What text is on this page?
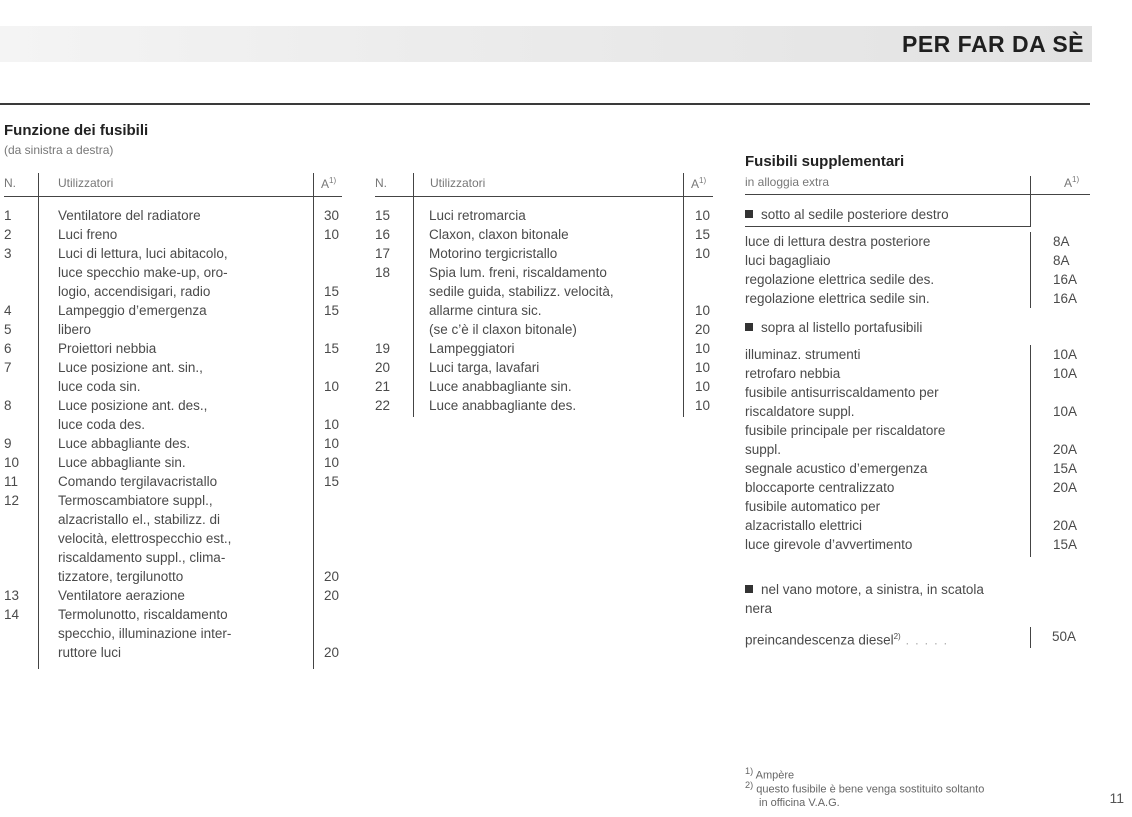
PER FAR DA SÈ
Funzione dei fusibili
(da sinistra a destra)
N.	Utilizzatori	$A^{1)}$
1	Ventilatore del radiatore	30
2	Luci freno	10
3	Luci di lettura, luci abitacolo,
luce specchio make-up, oro-
logio, accendisigari, radio	15
4	Lampeggio d’emergenza	15
5	libero
6	Proiettori nebbia	15
7	Luce posizione ant. sin.,
luce coda sin.	10
8	Luce posizione ant. des.,
luce coda des.	10
9	Luce abbagliante des.	10
10	Luce abbagliante sin.	10
11	Comando tergilavacristallo	15
12	Termoscambiatore suppl.,
alzacristallo el., stabilizz. di
velocità, elettrospecchio est.,
riscaldamento suppl., clima-
tizzatore, tergilunotto	20
13	Ventilatore aerazione	20
14	Termolunotto, riscaldamento
specchio, illuminazione inter-
ruttore luci	20
N.	Utilizzatori	$A^{1)}$
15	Luci retromarcia	10
16	Claxon, claxon bitonale	15
17	Motorino tergicristallo	10
18	Spia lum. freni, riscaldamento
sedile guida, stabilizz. velocità,
allarme cintura sic.	10
(se c’è il claxon bitonale)	20
19	Lampeggiatori	10
20	Luci targa, lavafari	10
21	Luce anabbagliante sin.	10
22	Luce anabbagliante des.	10
Fusibili supplementari
in alloggia extra	$A^{1)}$
sotto al sedile posteriore destro
luce di lettura destra posteriore	8A
luci bagagliaio	8A
regolazione elettrica sedile des.	16A
regolazione elettrica sedile sin.	16A
sopra al listello portafusibili
illuminaz. strumenti	10A
retrofaro nebbia	10A
fusibile antisurriscaldamento per
riscaldatore suppl.	10A
fusibile principale per riscaldatore
suppl.	20A
segnale acustico d’emergenza	15A
bloccaporte centralizzato	20A
fusibile automatico per
alzacristallo elettrici	20A
luce girevole d’avvertimento	15A
nel vano motore, a sinistra, in scatola
nera
preincandescenza diesel$^{2)}$ . . . . .	50A
$^{1)}$ Ampère
$^{2)}$ questo fusibile è bene venga sostituito soltanto
in officina V.A.G.	11
